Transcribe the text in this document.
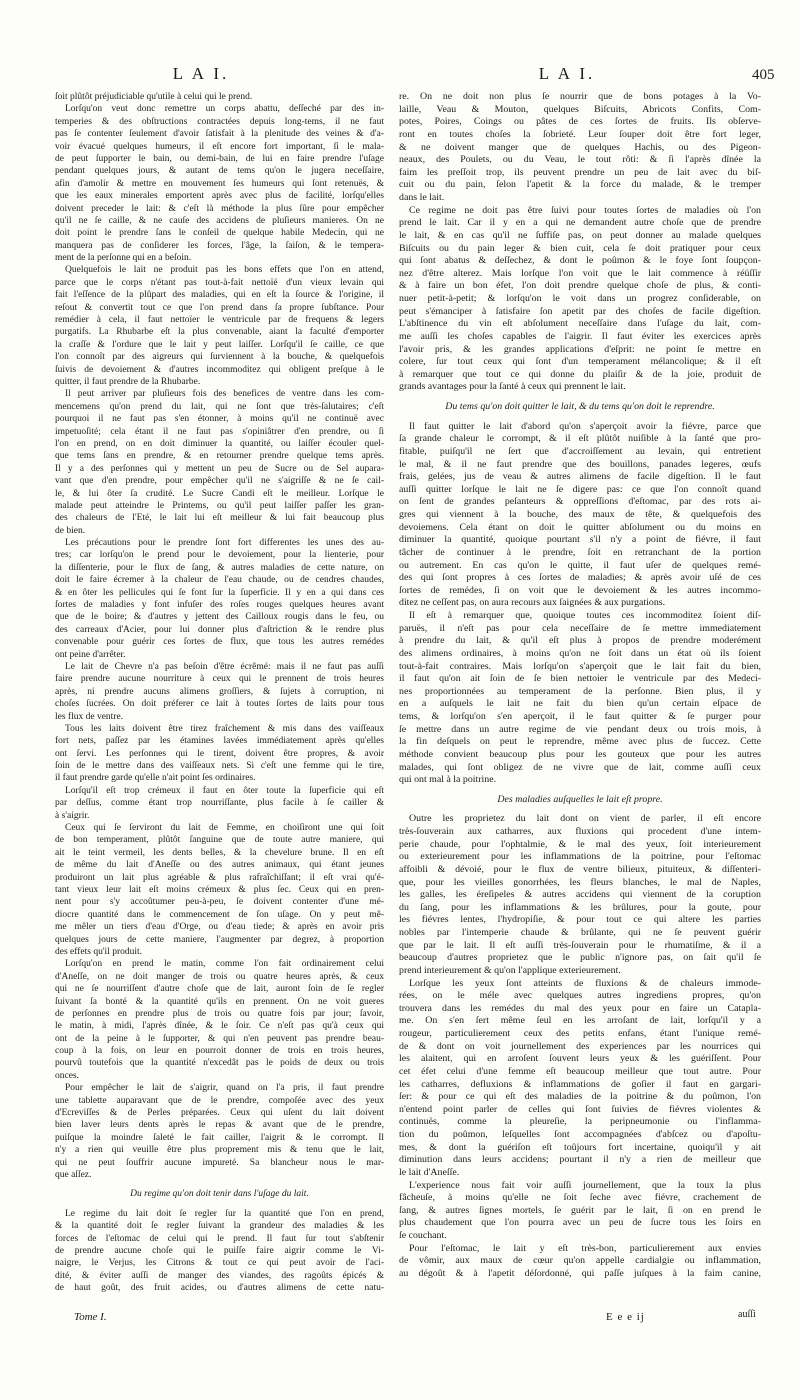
L A I.	L A I.	405
ſoit plûtôt préjudiciable qu'utile à celui qui le prend.
Lorſqu'on veut donc remettre un corps abattu, deſſeché par des in-
temperies & des obſtructions contractées depuis long-tems, il ne faut
pas ſe contenter ſeulement d'avoir ſatisfait à la plenitude des veines & d'a-
voir évacué quelques humeurs, il eſt encore fort important, ſi le mala-
de peut ſupporter le bain, ou demi-bain, de lui en faire prendre l'uſage
pendant quelques jours, & autant de tems qu'on le jugera neceſſaire,
afin d'amolir & mettre en mouvement ſes humeurs qui ſont retenuës, &
que les eaux minerales emportent après avec plus de facilité, lorſqu'elles
doivent preceder le lait: & c'eſt là méthode la plus ſûre pour empêcher
qu'il ne ſe caille, & ne cauſe des accidens de pluſieurs manieres. On ne
doit point le prendre ſans le conſeil de quelque habile Medecin, qui ne
manquera pas de conſiderer les forces, l'âge, la ſaiſon, & le tempera-
ment de la perſonne qui en a beſoin.
Quelquefois le lait ne produit pas les bons effets que l'on en attend,
parce que le corps n'étant pas tout-à-fait nettoïé d'un vieux levain qui
fait l'eſſence de la plûpart des maladies, qui en eſt la ſource & l'origine, il
reſout & convertit tout ce que l'on prend dans ſa propre ſubſtance. Pour
remédier à cela, il faut nettoïer le ventricule par de frequens & legers
purgatifs. La Rhubarbe eſt la plus convenable, aiant la faculté d'emporter
la craſſe & l'ordure que le lait y peut laiſſer. Lorſqu'il ſe caille, ce que
l'on connoît par des aigreurs qui ſurviennent à la bouche, & quelquefois
ſuivis de devoiement & d'autres incommoditez qui obligent preſque à le
quitter, il faut prendre de la Rhubarbe.
Il peut arriver par pluſieurs fois des benefices de ventre dans les com-
mencemens qu'on prend du lait, qui ne ſont que très-ſalutaires; c'eſt
pourquoi il ne faut pas s'en étonner, à moins qu'il ne continuë avec
impetuoſité; cela étant il ne faut pas s'opiniâtrer d'en prendre, ou ſi
l'on en prend, on en doit diminuer la quantité, ou laiſſer écouler quel-
que tems ſans en prendre, & en retourner prendre quelque tems après.
Il y a des perſonnes qui y mettent un peu de Sucre ou de Sel aupara-
vant que d'en prendre, pour empêcher qu'il ne s'aigriſſe & ne ſe cail-
le, & lui ôter ſa crudité. Le Sucre Candi eſt le meilleur. Lorſque le
malade peut atteindre le Printems, ou qu'il peut laiſſer paſſer les gran-
des chaleurs de l'Eté, le lait lui eſt meilleur & lui fait beaucoup plus
de bien.
Les précautions pour le prendre ſont fort differentes les unes des au-
tres; car lorſqu'on le prend pour le devoiement, pour la lienterie, pour
la diſſenterie, pour le flux de ſang, & autres maladies de cette nature, on
doit le faire écremer à la chaleur de l'eau chaude, ou de cendres chaudes,
& en ôter les pellicules qui ſe font ſur la ſuperficie. Il y en a qui dans ces
ſortes de maladies y font infuſer des roſes rouges quelques heures avant
que de le boire; & d'autres y jettent des Cailloux rougis dans le feu, ou
des carreaux d'Acier, pour lui donner plus d'aſtriction & le rendre plus
convenable pour guérir ces ſortes de flux, que tous les autres remédes
ont peine d'arrêter.
Le lait de Chevre n'a pas beſoin d'être écrêmé: mais il ne faut pas auſſi
faire prendre aucune nourriture à ceux qui le prennent de trois heures
après, ni prendre aucuns alimens groſſiers, & ſujets à corruption, ni
choſes ſucrées. On doit préferer ce lait à toutes ſortes de laits pour tous
les flux de ventre.
Tous les laits doivent être tirez fraîchement & mis dans des vaiſſeaux
fort nets, paſſez par les étamines lavées immédiatement après qu'elles
ont ſervi. Les perſonnes qui le tirent, doivent être propres, & avoir
ſoin de le mettre dans des vaiſſeaux nets. Si c'eſt une femme qui le tire,
il faut prendre garde qu'elle n'ait point ſes ordinaires.
Lorſqu'il eſt trop crémeux il faut en ôter toute la ſuperficie qui eſt
par deſſus, comme étant trop nourriſſante, plus facile à ſe cailler &
à s'aigrir.
Ceux qui ſe ſerviront du lait de Femme, en choiſiront une qui ſoit
de bon temperament, plûtôt ſanguine que de toute autre maniere, qui
ait le teint vermeil, les dents belles, & la chevelure brune. Il en eſt
de même du lait d'Aneſſe ou des autres animaux, qui étant jeunes
produiront un lait plus agréable & plus rafraîchiſſant; il eſt vrai qu'é-
tant vieux leur lait eſt moins crémeux & plus ſec. Ceux qui en pren-
nent pour s'y accoûtumer peu-à-peu, ſe doivent contenter d'une mé-
diocre quantité dans le commencement de ſon uſage. On y peut mê-
me mêler un tiers d'eau d'Orge, ou d'eau tiede; & après en avoir pris
quelques jours de cette maniere, l'augmenter par degrez, à proportion
des effets qu'il produit.
Lorſqu'on en prend le matin, comme l'on fait ordinairement celui
d'Aneſſe, on ne doit manger de trois ou quatre heures après, & ceux
qui ne ſe nourriſſent d'autre choſe que de lait, auront ſoin de ſe regler
ſuivant ſa bonté & la quantité qu'ils en prennent. On ne voit gueres
de perſonnes en prendre plus de trois ou quatre fois par jour; ſavoir,
le matin, à midi, l'après dînée, & le ſoir. Ce n'eſt pas qu'à ceux qui
ont de la peine à le ſupporter, & qui n'en peuvent pas prendre beau-
coup à la fois, on leur en pourroit donner de trois en trois heures,
pourvû toutefois que la quantité n'excedât pas le poids de deux ou trois
onces.
Pour empêcher le lait de s'aigrir, quand on l'a pris, il faut prendre
une tablette auparavant que de le prendre, compoſée avec des yeux
d'Ecreviſſes & de Perles préparées. Ceux qui uſent du lait doivent
bien laver leurs dents après le repas & avant que de le prendre,
puiſque la moindre ſaleté le fait cailler, l'aigrit & le corrompt. Il
n'y a rien qui veuille être plus proprement mis & tenu que le lait,
qui ne peut ſouffrir aucune impureté. Sa blancheur nous le mar-
que aſſez.
Du regime qu'on doit tenir dans l'uſage du lait.
Le regime du lait doit ſe regler ſur la quantité que l'on en prend,
& la quantité doit ſe regler ſuivant la grandeur des maladies & les
forces de l'eſtomac de celui qui le prend. Il faut ſur tout s'abſtenir
de prendre aucune choſe qui le puiſſe faire aigrir comme le Vi-
naigre, le Verjus, les Citrons & tout ce qui peut avoir de l'aci-
dité, & éviter auſſi de manger des viandes, des ragoûts épicés &
de haut goût, des fruit acides, ou d'autres alimens de cette natu-
re. On ne doit non plus ſe nourrir que de bons potages à la Vo-
laille, Veau & Mouton, quelques Biſcuits, Abricots Confits, Com-
potes, Poires, Coings ou pâtes de ces ſortes de fruits. Ils obſerve-
ront en toutes choſes la ſobrieté. Leur ſouper doit être fort leger,
& ne doivent manger que de quelques Hachis, ou des Pigeon-
neaux, des Poulets, ou du Veau, le tout rôti: & ſi l'après dînée la
faim les preſſoit trop, ils peuvent prendre un peu de lait avec du biſ-
cuit ou du pain, ſelon l'apetit & la force du malade, & le tremper
dans le lait.
Ce regime ne doit pas être ſuivi pour toutes ſortes de maladies où l'on
prend le lait. Car il y en a qui ne demandent autre choſe que de prendre
le lait, & en cas qu'il ne ſuffiſe pas, on peut donner au malade quelques
Biſcuits ou du pain leger & bien cuit, cela ſe doit pratiquer pour ceux
qui ſont abatus & deſſechez, & dont le poûmon & le foye ſont ſoupçon-
nez d'être alterez. Mais lorſque l'on voit que le lait commence à réüſſir
& à faire un bon éfet, l'on doit prendre quelque choſe de plus, & conti-
nuer petit-à-petit; & lorſqu'on le voit dans un progrez conſiderable, on
peut s'émanciper à ſatisfaire ſon apetit par des choſes de facile digeſtion.
L'abſtinence du vin eſt abſolument neceſſaire dans l'uſage du lait, com-
me auſſi les choſes capables de l'aigrir. Il faut éviter les exercices après
l'avoir pris, & les grandes applications d'eſprit: ne point ſe mettre en
colere, ſur tout ceux qui ſont d'un temperament mélancolique; & il eſt
à remarquer que tout ce qui donne du plaiſir & de la joie, produit de
grands avantages pour la ſanté à ceux qui prennent le lait.
Du tems qu'on doit quitter le lait, & du tems qu'on doit le reprendre.
Il faut quitter le lait d'abord qu'on s'aperçoit avoir la fiévre, parce que
ſa grande chaleur le corrompt, & il eſt plûtôt nuiſible à la ſanté que pro-
fitable, puiſqu'il ne ſert que d'accroiſſement au levain, qui entretient
le mal, & il ne faut prendre que des bouillons, panades legeres, œufs
frais, gelées, jus de veau & autres alimens de facile digeſtion. Il le faut
auſſi quitter lorſque le lait ne ſe digere pas: ce que l'on connoît quand
on ſent de grandes peſanteurs & oppreſſions d'eſtomac, par des rots ai-
gres qui viennent à la bouche, des maux de tête, & quelquefois des
devoiemens. Cela étant on doit le quitter abſolument ou du moins en
diminuer la quantité, quoique pourtant s'il n'y a point de fiévre, il faut
tâcher de continuer à le prendre, ſoit en retranchant de la portion
ou autrement. En cas qu'on le quitte, il faut uſer de quelques remé-
des qui ſont propres à ces ſortes de maladies; & après avoir uſé de ces
ſortes de remédes, ſi on voit que le devoiement & les autres incommo-
ditez ne ceſſent pas, on aura recours aux ſaignées & aux purgations.
Il eſt à remarquer que, quoique toutes ces incommoditez ſoient diſ-
paruës, il n'eſt pas pour cela neceſſaire de ſe mettre immediatement
à prendre du lait, & qu'il eſt plus à propos de prendre moderément
des alimens ordinaires, à moins qu'on ne ſoit dans un état où ils ſoient
tout-à-fait contraires. Mais lorſqu'on s'aperçoit que le lait fait du bien,
il faut qu'on ait ſoin de ſe bien nettoier le ventricule par des Medeci-
nes proportionnées au temperament de la perſonne. Bien plus, il y
en a auſquels le lait ne fait du bien qu'un certain eſpace de
tems, & lorſqu'on s'en aperçoit, il le faut quitter & ſe purger pour
ſe mettre dans un autre regime de vie pendant deux ou trois mois, à
la fin deſquels on peut le reprendre, même avec plus de ſuccez. Cette
méthode convient beaucoup plus pour les gouteux que pour les autres
malades, qui ſont obligez de ne vivre que de lait, comme auſſi ceux
qui ont mal à la poitrine.
Des maladies auſquelles le lait eſt propre.
Outre les proprietez du lait dont on vient de parler, il eſt encore
très-ſouverain aux catharres, aux fluxions qui procedent d'une intem-
perie chaude, pour l'ophtalmie, & le mal des yeux, ſoit interieurement
ou exterieurement pour les inflammations de la poitrine, pour l'eſtomac
affoibli & dévoié, pour le flux de ventre bilieux, pituiteux, & diſſenteri-
que, pour les vieilles gonorrhées, les fleurs blanches, le mal de Naples,
les galles, les éreſipeles & autres accidens qui viennent de la coruption
du ſang, pour les inflammations & les brûlures, pour la goute, pour
les fiévres lentes, l'hydropiſie, & pour tout ce qui altere les parties
nobles par l'intemperie chaude & brûlante, qui ne ſe peuvent guérir
que par le lait. Il eſt auſſi très-ſouverain pour le rhumatiſme, & il a
beaucoup d'autres proprietez que le public n'ignore pas, on ſait qu'il ſe
prend interieurement & qu'on l'applique exterieurement.
Lorſque les yeux ſont atteints de fluxions & de chaleurs immode-
rées, on le méle avec quelques autres ingrediens propres, qu'on
trouvera dans les remédes du mal des yeux pour en faire un Catapla-
me. On s'en ſert même ſeul en les arroſant de lait, lorſqu'il y a
rougeur, particulierement ceux des petits enfans, étant l'unique remé-
de & dont on voit journellement des experiences par les nourrices qui
les alaitent, qui en arroſent ſouvent leurs yeux & les guériſſent. Pour
cet éfet celui d'une femme eſt beaucoup meilleur que tout autre. Pour
les catharres, defluxions & inflammations de goſier il faut en gargari-
ſer: & pour ce qui eſt des maladies de la poitrine & du poûmon, l'on
n'entend point parler de celles qui ſont ſuivies de fiévres violentes &
continuës, comme la pleureſie, la peripneumonie ou l'inflamma-
tion du poûmon, leſquelles ſont accompagnées d'abſcez ou d'apoſtu-
mes, & dont la guériſon eſt toûjours fort incertaine, quoiqu'il y ait
diminution dans leurs accidens; pourtant il n'y a rien de meilleur que
le lait d'Aneſſe.
L'experience nous fait voir auſſi journellement, que la toux la plus
fâcheuſe, à moins qu'elle ne ſoit ſeche avec fiévre, crachement de
ſang, & autres ſignes mortels, ſe guérit par le lait, ſi on en prend le
plus chaudement que l'on pourra avec un peu de ſucre tous les ſoirs en
ſe couchant.
Pour l'eſtomac, le lait y eſt très-bon, particulierement aux envies
de vômir, aux maux de cœur qu'on appelle cardialgie ou inflammation,
au dégoût & à l'apetit déſordonné, qui paſſe juſques à la faim canine,
Tome I.	E e e ij	auſſi
